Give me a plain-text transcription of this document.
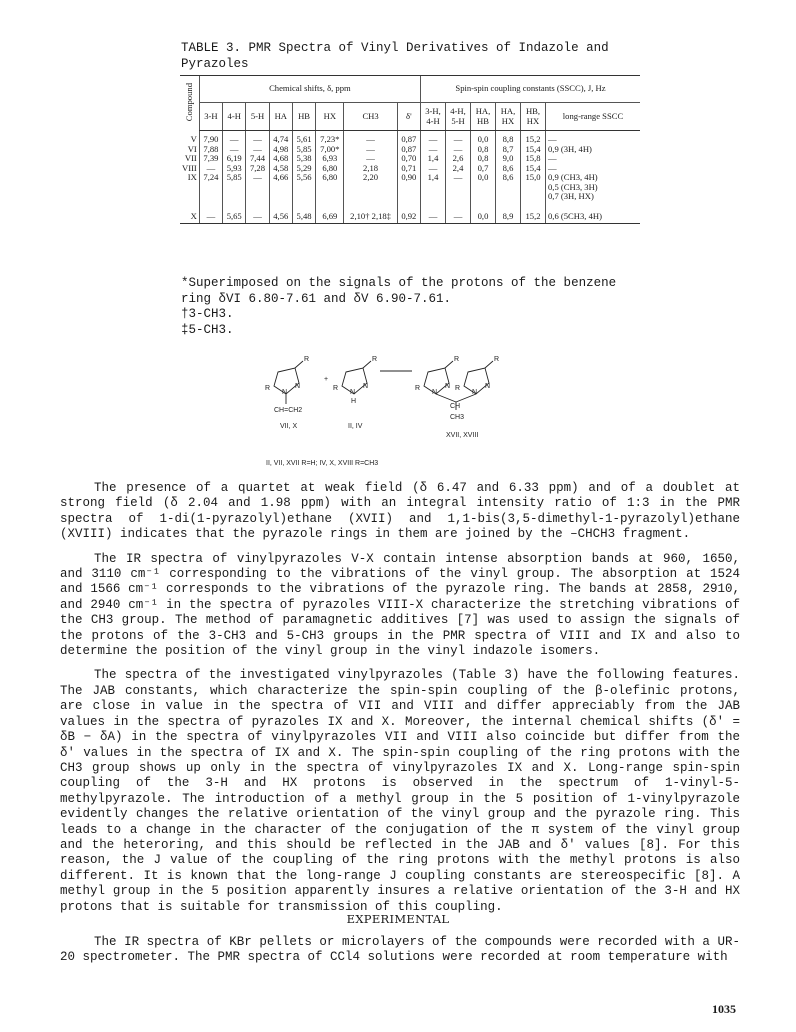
TABLE 3. PMR Spectra of Vinyl Derivatives of Indazole and
Pyrazoles
Compound	Chemical shifts, δ, ppm								Spin-spin coupling constants (SSCC), J, Hz					
	3-H	4-H	5-H	HA	HB	HX	CH3	δ'	3-H, 4-H	4-H, 5-H	HA, HB	HA, HX	HB, HX	long-range SSCC
V	7,90	—	—	4,74	5,61	7,23*	—	0,87	—	—	0,0	8,8	15,2	—

VI	7,88	—	—	4,98	5,85	7,00*	—	0,87	—	—	0,8	8,7	15,4	0,9 (3H, 4H)

VII	7,39	6,19	7,44	4,68	5,38	6,93	—	0,70	1,4	2,6	0,8	9,0	15,8	—

VIII	—	5,93	7,28	4,58	5,29	6,80	2,18	0,71	—	2,4	0,7	8,6	15,4	—

IX	7,24	5,85	—	4,66	5,56	6,80	2,20	0,90	1,4	—	0,0	8,6	15,0	0,9 (CH3, 4H)
0,5 (CH3, 3H)
0,7 (3H, HX)

X	—	5,65	—	4,56	5,48	6,69	2,10† 2,18‡	0,92	—	—	0,0	8,9	15,2	0,6 (5CH3, 4H)
*Superimposed on the signals of the protons of the benzene
ring δVI 6.80-7.61 and δV 6.90-7.61.
†3-CH3.
‡5-CH3.
R
R
N
N
CH=CH2
+
R
R
N
N
H
R
R
N
N
R
R
N
N
CH
CH3
VII, X	II, IV
XVII, XVIII
II, VII, XVII R=H; IV, X, XVIII R=CH3

The presence of a quartet at weak field (δ 6.47 and 6.33 ppm) and of a doublet at strong field (δ 2.04 and 1.98 ppm) with an integral intensity ratio of 1:3 in the PMR spectra of 1-di(1-pyrazolyl)ethane (XVII) and 1,1-bis(3,5-dimethyl-1-pyrazolyl)ethane (XVIII) indicates that the pyrazole rings in them are joined by the –CHCH3 fragment.

The IR spectra of vinylpyrazoles V-X contain intense absorption bands at 960, 1650, and 3110 cm⁻¹ corresponding to the vibrations of the vinyl group. The absorption at 1524 and 1566 cm⁻¹ corresponds to the vibrations of the pyrazole ring. The bands at 2858, 2910, and 2940 cm⁻¹ in the spectra of pyrazoles VIII-X characterize the stretching vibrations of the CH3 group. The method of paramagnetic additives [7] was used to assign the signals of the protons of the 3-CH3 and 5-CH3 groups in the PMR spectra of VIII and IX and also to determine the position of the vinyl group in the vinyl indazole isomers.

The spectra of the investigated vinylpyrazoles (Table 3) have the following features. The JAB constants, which characterize the spin-spin coupling of the β-olefinic protons, are close in value in the spectra of VII and VIII and differ appreciably from the JAB values in the spectra of pyrazoles IX and X. Moreover, the internal chemical shifts (δ' = δB − δA) in the spectra of vinylpyrazoles VII and VIII also coincide but differ from the δ' values in the spectra of IX and X. The spin-spin coupling of the ring protons with the CH3 group shows up only in the spectra of vinylpyrazoles IX and X. Long-range spin-spin coupling of the 3-H and HX protons is observed in the spectrum of 1-vinyl-5-methylpyrazole. The introduction of a methyl group in the 5 position of 1-vinylpyrazole evidently changes the relative orientation of the vinyl group and the pyrazole ring. This leads to a change in the character of the conjugation of the π system of the vinyl group and the heteroring, and this should be reflected in the JAB and δ' values [8]. For this reason, the J value of the coupling of the ring protons with the methyl protons is also different. It is known that the long-range J coupling constants are stereospecific [8]. A methyl group in the 5 position apparently insures a relative orientation of the 3-H and HX protons that is suitable for transmission of this coupling.

EXPERIMENTAL

The IR spectra of KBr pellets or microlayers of the compounds were recorded with a UR-20 spectrometer. The PMR spectra of CCl4 solutions were recorded at room temperature with

1035
